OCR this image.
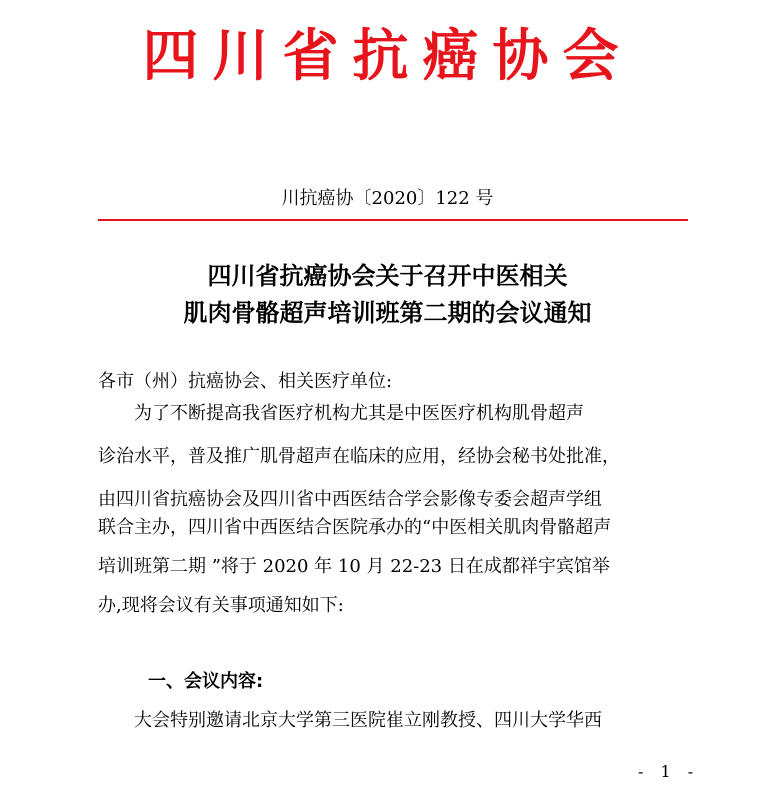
四川省抗癌协会
川抗癌协〔2020〕122 号
四川省抗癌协会关于召开中医相关
肌肉骨骼超声培训班第二期的会议通知
各市（州）抗癌协会、相关医疗单位:
为了不断提高我省医疗机构尤其是中医医疗机构肌骨超声
诊治水平，普及推广肌骨超声在临床的应用，经协会秘书处批准，
由四川省抗癌协会及四川省中西医结合学会影像专委会超声学组
联合主办，四川省中西医结合医院承办的“中医相关肌肉骨骼超声
培训班第二期 ”将于 2020 年 10 月 22-23 日在成都祥宇宾馆举
办,现将会议有关事项通知如下:
一、会议内容:
大会特别邀请北京大学第三医院崔立刚教授、四川大学华西
- 1 -
